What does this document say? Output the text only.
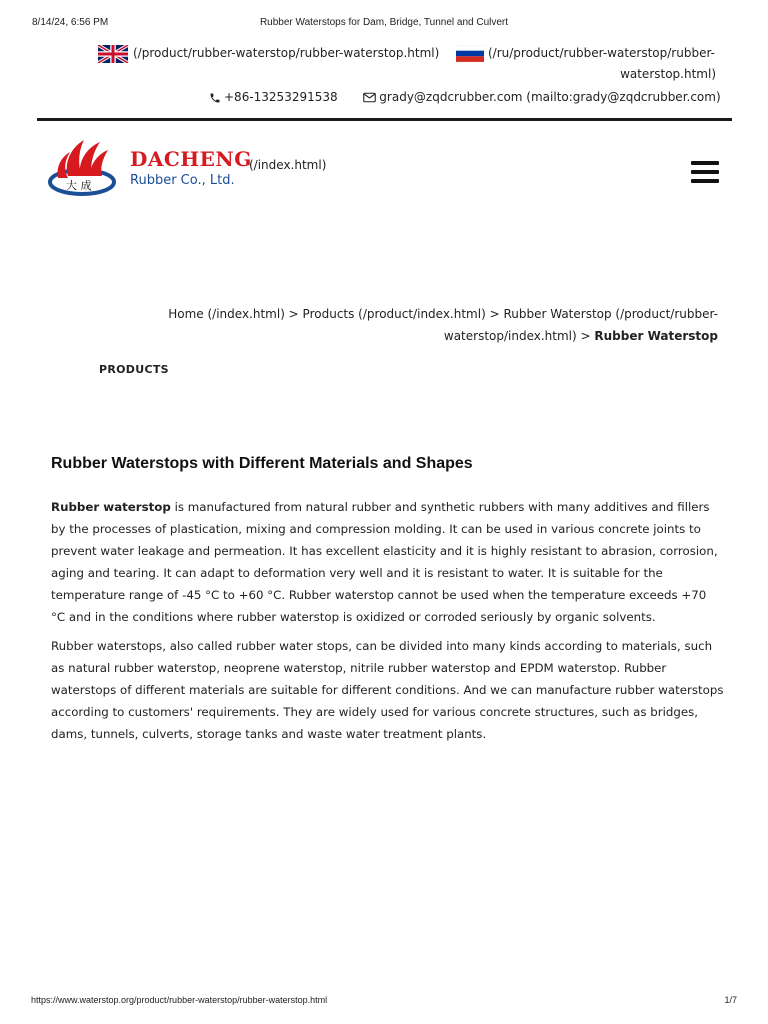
8/14/24, 6:56 PM	Rubber Waterstops for Dam, Bridge, Tunnel and Culvert
(/product/rubber-waterstop/rubber-waterstop.html)	(/ru/product/rubber-waterstop/rubber-
waterstop.html)
+86-13253291538	grady@zqdcrubber.com (mailto:grady@zqdcrubber.com)
大 成
DACHENG
Rubber Co., Ltd.
(/index.html)
Home (/index.html) > Products (/product/index.html) > Rubber Waterstop (/product/rubber-
waterstop/index.html) > Rubber Waterstop
PRODUCTS
Rubber Waterstops with Different Materials and Shapes

Rubber waterstop is manufactured from natural rubber and synthetic rubbers with many additives and fillers
by the processes of plastication, mixing and compression molding. It can be used in various concrete joints to
prevent water leakage and permeation. It has excellent elasticity and it is highly resistant to abrasion, corrosion,
aging and tearing. It can adapt to deformation very well and it is resistant to water. It is suitable for the
temperature range of -45 °C to +60 °C. Rubber waterstop cannot be used when the temperature exceeds +70
°C and in the conditions where rubber waterstop is oxidized or corroded seriously by organic solvents.

Rubber waterstops, also called rubber water stops, can be divided into many kinds according to materials, such
as natural rubber waterstop, neoprene waterstop, nitrile rubber waterstop and EPDM waterstop. Rubber
waterstops of different materials are suitable for different conditions. And we can manufacture rubber waterstops
according to customers' requirements. They are widely used for various concrete structures, such as bridges,
dams, tunnels, culverts, storage tanks and waste water treatment plants.

https://www.waterstop.org/product/rubber-waterstop/rubber-waterstop.html	1/7
